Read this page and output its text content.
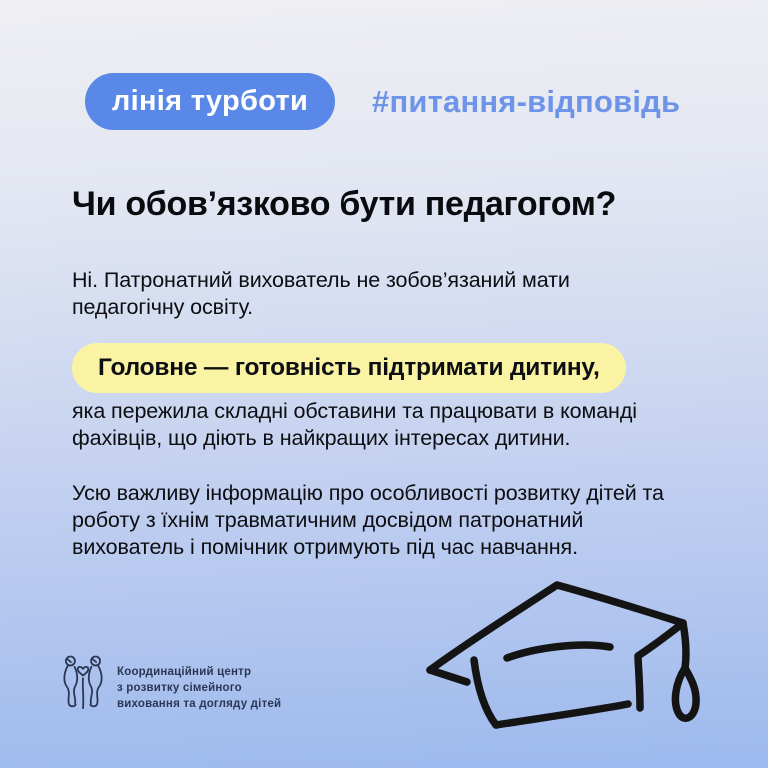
лінія турботи #питання-відповідь
Чи обов’язково бути педагогом?

Ні. Патронатний вихователь не зобов’язаний мати педагогічну освіту.

Головне — готовність підтримати дитину,

яка пережила складні обставини та працювати в команді фахівців, що діють в найкращих інтересах дитини.

Усю важливу інформацію про особливості розвитку дітей та роботу з їхнім травматичним досвідом патронатний вихователь і помічник отримують під час навчання.

Координаційний центр
з розвитку сімейного
виховання та догляду дітей
